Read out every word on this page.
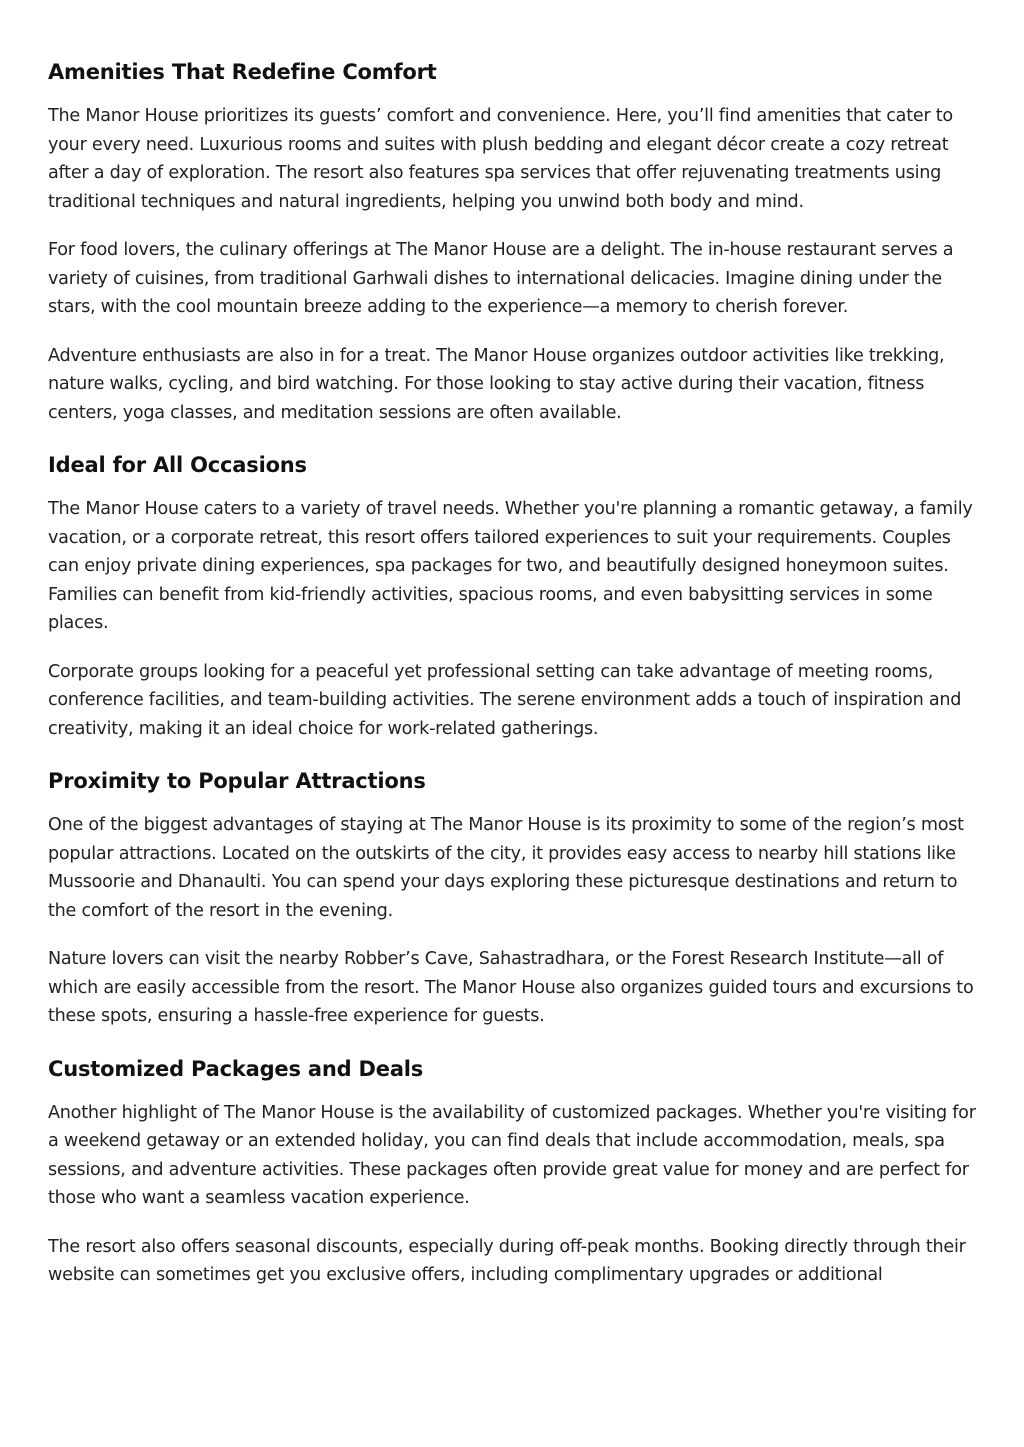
Amenities That Redefine Comfort

The Manor House prioritizes its guests’ comfort and convenience. Here, you’ll find amenities that cater to your every need. Luxurious rooms and suites with plush bedding and elegant décor create a cozy retreat after a day of exploration. The resort also features spa services that offer rejuvenating treatments using traditional techniques and natural ingredients, helping you unwind both body and mind.

For food lovers, the culinary offerings at The Manor House are a delight. The in-house restaurant serves a variety of cuisines, from traditional Garhwali dishes to international delicacies. Imagine dining under the stars, with the cool mountain breeze adding to the experience—a memory to cherish forever.

Adventure enthusiasts are also in for a treat. The Manor House organizes outdoor activities like trekking, nature walks, cycling, and bird watching. For those looking to stay active during their vacation, fitness centers, yoga classes, and meditation sessions are often available.

Ideal for All Occasions

The Manor House caters to a variety of travel needs. Whether you're planning a romantic getaway, a family vacation, or a corporate retreat, this resort offers tailored experiences to suit your requirements. Couples can enjoy private dining experiences, spa packages for two, and beautifully designed honeymoon suites. Families can benefit from kid-friendly activities, spacious rooms, and even babysitting services in some places.

Corporate groups looking for a peaceful yet professional setting can take advantage of meeting rooms, conference facilities, and team-building activities. The serene environment adds a touch of inspiration and creativity, making it an ideal choice for work-related gatherings.

Proximity to Popular Attractions

One of the biggest advantages of staying at The Manor House is its proximity to some of the region’s most popular attractions. Located on the outskirts of the city, it provides easy access to nearby hill stations like Mussoorie and Dhanaulti. You can spend your days exploring these picturesque destinations and return to the comfort of the resort in the evening.

Nature lovers can visit the nearby Robber’s Cave, Sahastradhara, or the Forest Research Institute—all of which are easily accessible from the resort. The Manor House also organizes guided tours and excursions to these spots, ensuring a hassle-free experience for guests.

Customized Packages and Deals

Another highlight of The Manor House is the availability of customized packages. Whether you're visiting for a weekend getaway or an extended holiday, you can find deals that include accommodation, meals, spa sessions, and adventure activities. These packages often provide great value for money and are perfect for those who want a seamless vacation experience.

The resort also offers seasonal discounts, especially during off-peak months. Booking directly through their website can sometimes get you exclusive offers, including complimentary upgrades or additional
